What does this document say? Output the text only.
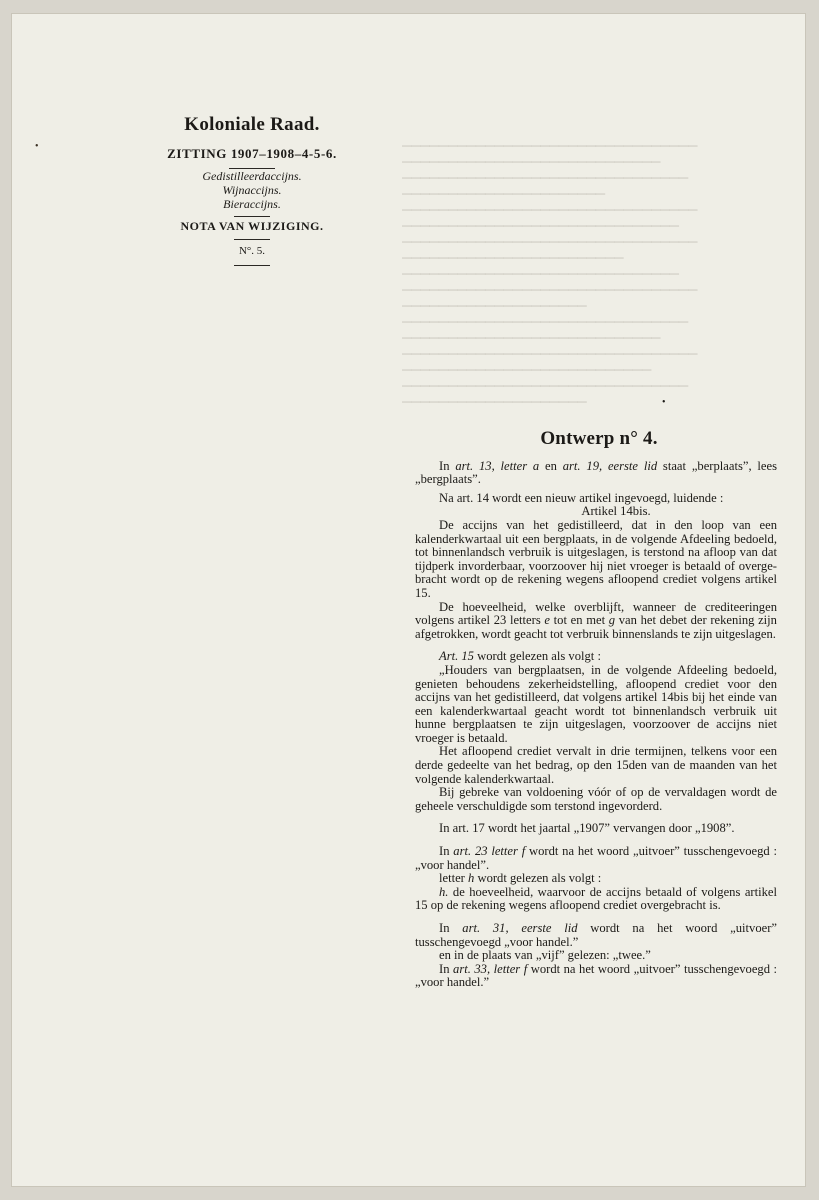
•	▁▁▁▁▁▁▁▁▁▁▁▁▁▁▁▁▁▁▁▁▁▁▁▁▁▁▁▁▁▁▁▁
▁▁▁▁▁▁▁▁▁▁▁▁▁▁▁▁▁▁▁▁▁▁▁▁▁▁▁▁
▁▁▁▁▁▁▁▁▁▁▁▁▁▁▁▁▁▁▁▁▁▁▁▁▁▁▁▁▁▁▁
▁▁▁▁▁▁▁▁▁▁▁▁▁▁▁▁▁▁▁▁▁▁
▁▁▁▁▁▁▁▁▁▁▁▁▁▁▁▁▁▁▁▁▁▁▁▁▁▁▁▁▁▁▁▁
▁▁▁▁▁▁▁▁▁▁▁▁▁▁▁▁▁▁▁▁▁▁▁▁▁▁▁▁▁▁
▁▁▁▁▁▁▁▁▁▁▁▁▁▁▁▁▁▁▁▁▁▁▁▁▁▁▁▁▁▁▁▁
▁▁▁▁▁▁▁▁▁▁▁▁▁▁▁▁▁▁▁▁▁▁▁▁
▁▁▁▁▁▁▁▁▁▁▁▁▁▁▁▁▁▁▁▁▁▁▁▁▁▁▁▁▁▁
▁▁▁▁▁▁▁▁▁▁▁▁▁▁▁▁▁▁▁▁▁▁▁▁▁▁▁▁▁▁▁▁
▁▁▁▁▁▁▁▁▁▁▁▁▁▁▁▁▁▁▁▁
▁▁▁▁▁▁▁▁▁▁▁▁▁▁▁▁▁▁▁▁▁▁▁▁▁▁▁▁▁▁▁
▁▁▁▁▁▁▁▁▁▁▁▁▁▁▁▁▁▁▁▁▁▁▁▁▁▁▁▁
▁▁▁▁▁▁▁▁▁▁▁▁▁▁▁▁▁▁▁▁▁▁▁▁▁▁▁▁▁▁▁▁
▁▁▁▁▁▁▁▁▁▁▁▁▁▁▁▁▁▁▁▁▁▁▁▁▁▁▁
▁▁▁▁▁▁▁▁▁▁▁▁▁▁▁▁▁▁▁▁▁▁▁▁▁▁▁▁▁▁▁
▁▁▁▁▁▁▁▁▁▁▁▁▁▁▁▁▁▁▁▁
Koloniale Raad.
ZITTING 1907–1908–4-5-6.
Gedistilleerdaccijns.
Wijnaccijns.
Bieraccijns.
NOTA VAN WIJZIGING.
N°. 5.
•
Ontwerp n° 4.

In art. 13, letter a en art. 19, eerste lid staat „berplaats”, lees „bergplaats”.

Na art. 14 wordt een nieuw artikel ingevoegd, luidende :

Artikel 14bis.

De accijns van het gedistilleerd, dat in den loop van een kalenderkwartaal uit een bergplaats, in de volgende Afdeeling bedoeld, tot binnenlandsch verbruik is uitgeslagen, is terstond na afloop van dat tijdperk invorderbaar, voorzoover hij niet vroeger is betaald of overgebracht wordt op de rekening wegens afloopend crediet volgens artikel 15.

De hoeveelheid, welke overblijft, wanneer de crediteeringen volgens artikel 23 letters e tot en met g van het debet der rekening zijn afgetrokken, wordt geacht tot verbruik binnenslands te zijn uitgeslagen.

Art. 15 wordt gelezen als volgt :

„Houders van bergplaatsen, in de volgende Afdeeling bedoeld, genieten behoudens zekerheidstelling, afloopend crediet voor den accijns van het gedistilleerd, dat volgens artikel 14bis bij het einde van een kalenderkwartaal geacht wordt tot binnenlandsch verbruik uit hunne bergplaatsen te zijn uitgeslagen, voorzoover de accijns niet vroeger is betaald.

Het afloopend crediet vervalt in drie termijnen, telkens voor een derde gedeelte van het bedrag, op den 15den van de maanden van het volgende kalenderkwartaal.

Bij gebreke van voldoening vóór of op de vervaldagen wordt de geheele verschuldigde som terstond ingevorderd.

In art. 17 wordt het jaartal „1907” vervangen door „1908”.

In art. 23 letter f wordt na het woord „uitvoer” tusschengevoegd : „voor handel”.

letter h wordt gelezen als volgt :

h. de hoeveelheid, waarvoor de accijns betaald of volgens artikel 15 op de rekening wegens afloopend crediet overgebracht is.

In art. 31, eerste lid wordt na het woord „uitvoer” tusschengevoegd „voor handel.”

en in de plaats van „vijf” gelezen: „twee.”

In art. 33, letter f wordt na het woord „uitvoer” tusschengevoegd : „voor handel.”
